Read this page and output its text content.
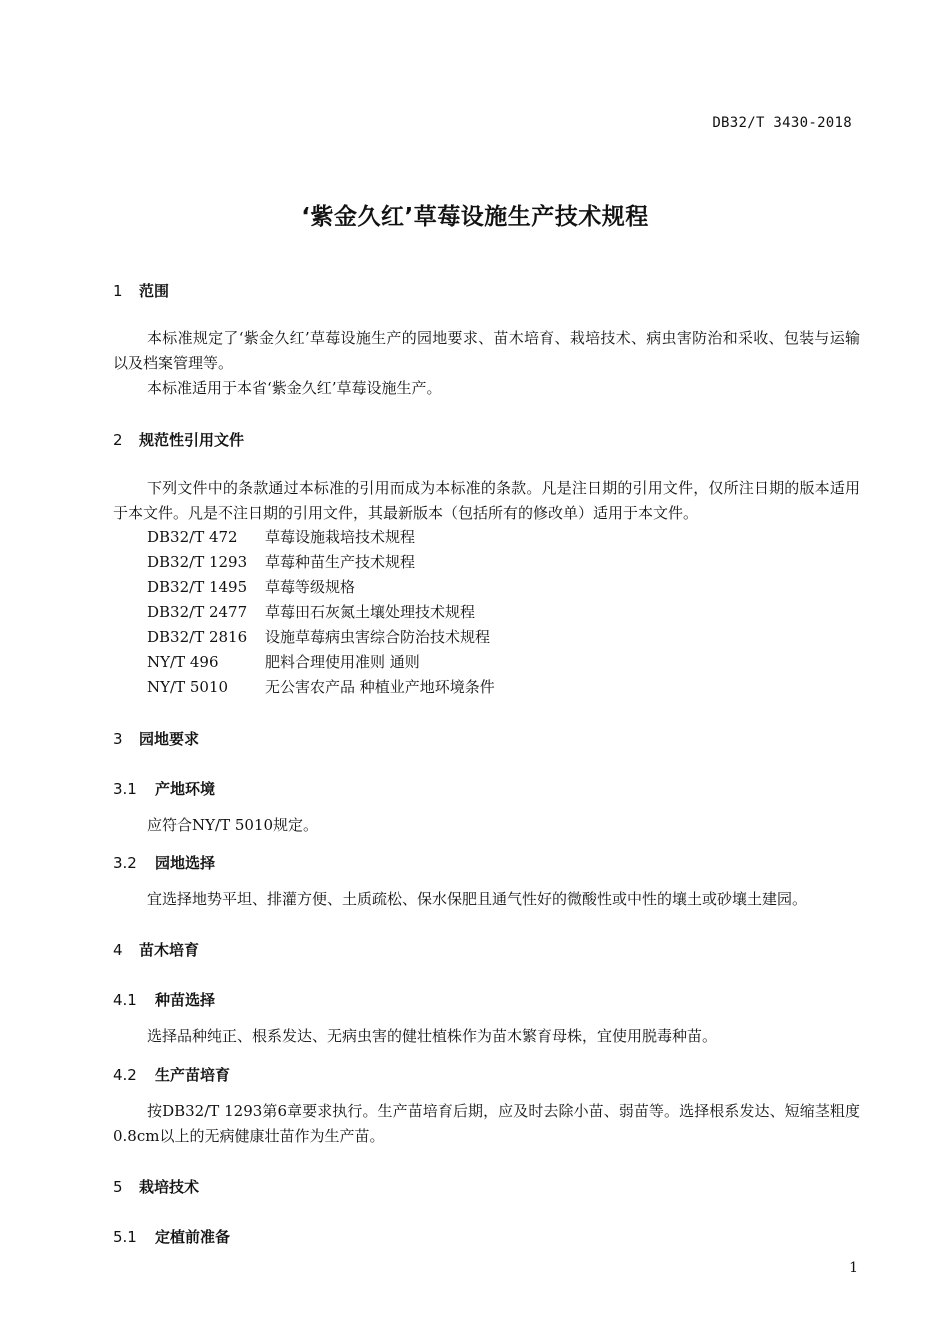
DB32/T 3430-2018
‘紫金久红’草莓设施生产技术规程
1 范围
本标准规定了‘紫金久红’草莓设施生产的园地要求、苗木培育、栽培技术、病虫害防治和采收、包装与运输以及档案管理等。
本标准适用于本省‘紫金久红’草莓设施生产。
2 规范性引用文件
下列文件中的条款通过本标准的引用而成为本标准的条款。凡是注日期的引用文件，仅所注日期的版本适用于本文件。凡是不注日期的引用文件，其最新版本（包括所有的修改单）适用于本文件。
DB32/T 472 草莓设施栽培技术规程
DB32/T 1293 草莓种苗生产技术规程
DB32/T 1495 草莓等级规格
DB32/T 2477 草莓田石灰氮土壤处理技术规程
DB32/T 2816 设施草莓病虫害综合防治技术规程
NY/T 496	肥料合理使用准则 通则
NY/T 5010 无公害农产品 种植业产地环境条件
3 园地要求
3.1 产地环境
应符合NY/T 5010规定。
3.2 园地选择
宜选择地势平坦、排灌方便、土质疏松、保水保肥且通气性好的微酸性或中性的壤土或砂壤土建园。
4 苗木培育
4.1 种苗选择
选择品种纯正、根系发达、无病虫害的健壮植株作为苗木繁育母株，宜使用脱毒种苗。
4.2 生产苗培育
按DB32/T 1293第6章要求执行。生产苗培育后期，应及时去除小苗、弱苗等。选择根系发达、短缩茎粗度0.8cm以上的无病健康壮苗作为生产苗。
5 栽培技术
5.1 定植前准备
1
